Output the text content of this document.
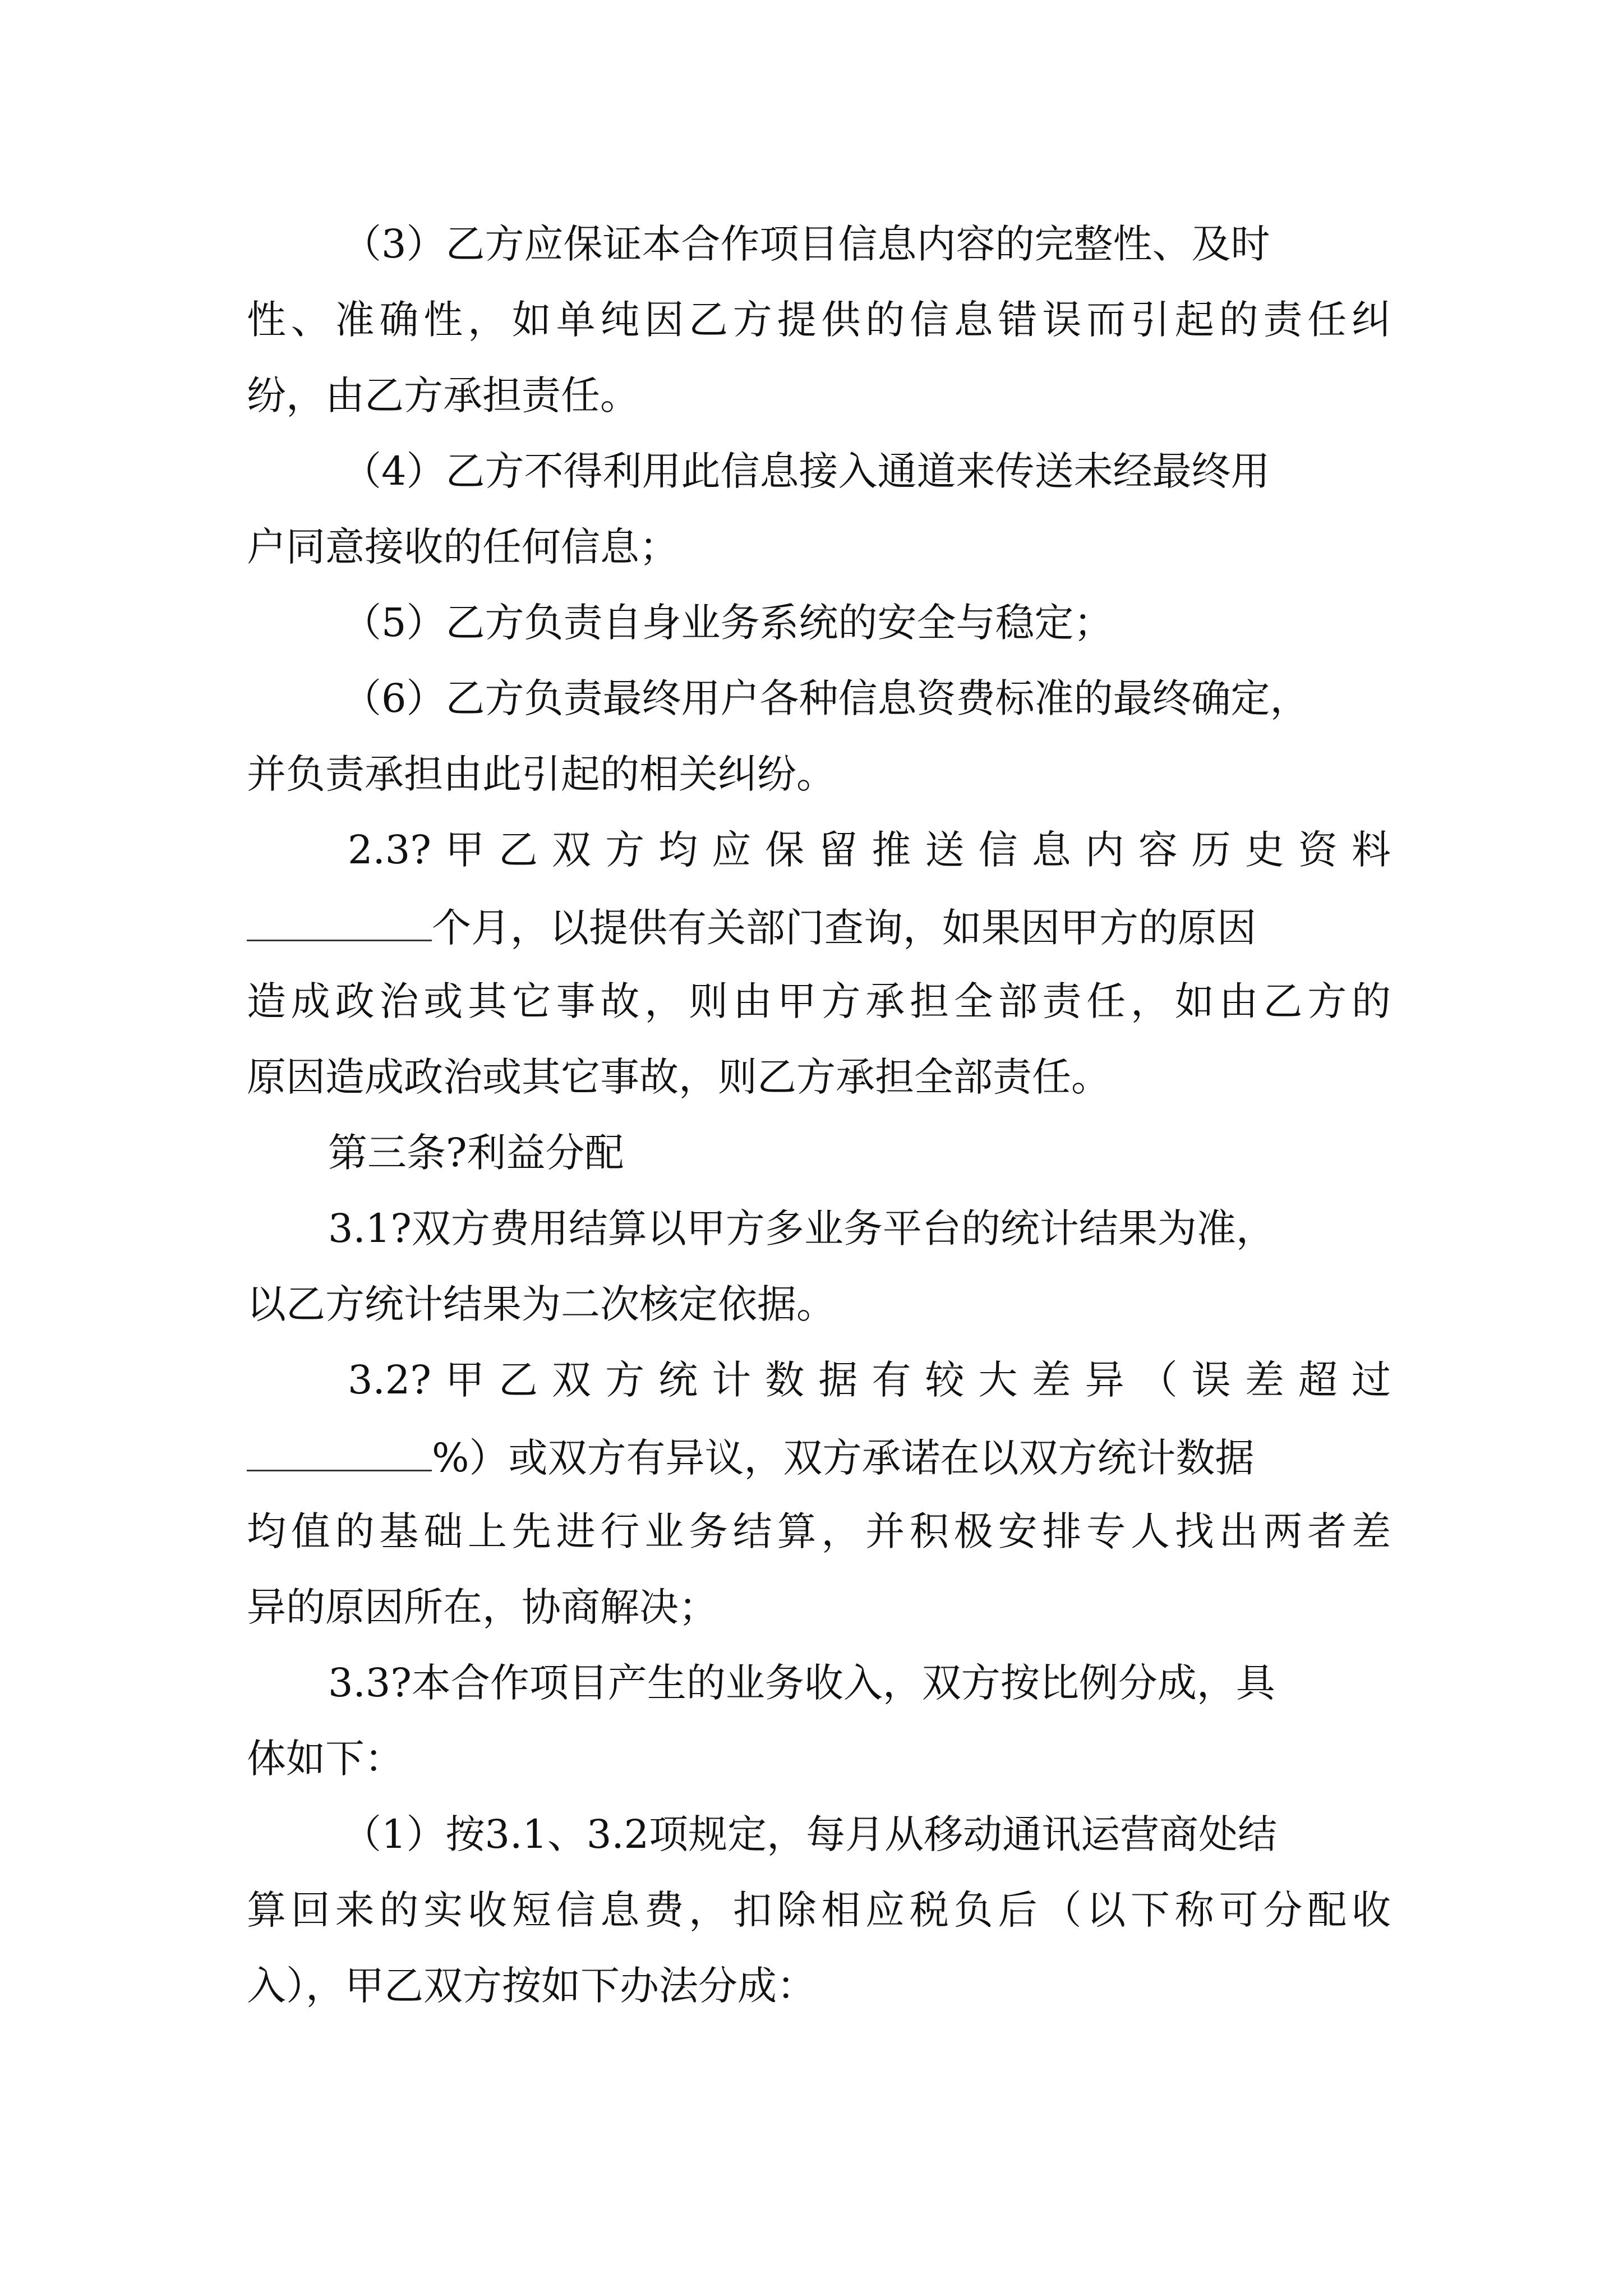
（3）乙方应保证本合作项目信息内容的完整性、及时
性、准确性，如单纯因乙方提供的信息错误而引起的责任纠
纷，由乙方承担责任。
（4）乙方不得利用此信息接入通道来传送未经最终用
户同意接收的任何信息；
（5）乙方负责自身业务系统的安全与稳定；
（6）乙方负责最终用户各种信息资费标准的最终确定，
并负责承担由此引起的相关纠纷。
2.3?甲乙双方均应保留推送信息内容历史资料
个月，以提供有关部门查询，如果因甲方的原因
造成政治或其它事故，则由甲方承担全部责任，如由乙方的
原因造成政治或其它事故，则乙方承担全部责任。
第三条?利益分配
3.1?双方费用结算以甲方多业务平台的统计结果为准，
以乙方统计结果为二次核定依据。
3.2?甲乙双方统计数据有较大差异（误差超过
%）或双方有异议，双方承诺在以双方统计数据
均值的基础上先进行业务结算，并积极安排专人找出两者差
异的原因所在，协商解决；
3.3?本合作项目产生的业务收入，双方按比例分成，具
体如下：
（1）按3.1、3.2项规定，每月从移动通讯运营商处结
算回来的实收短信息费，扣除相应税负后（以下称可分配收
入），甲乙双方按如下办法分成：
